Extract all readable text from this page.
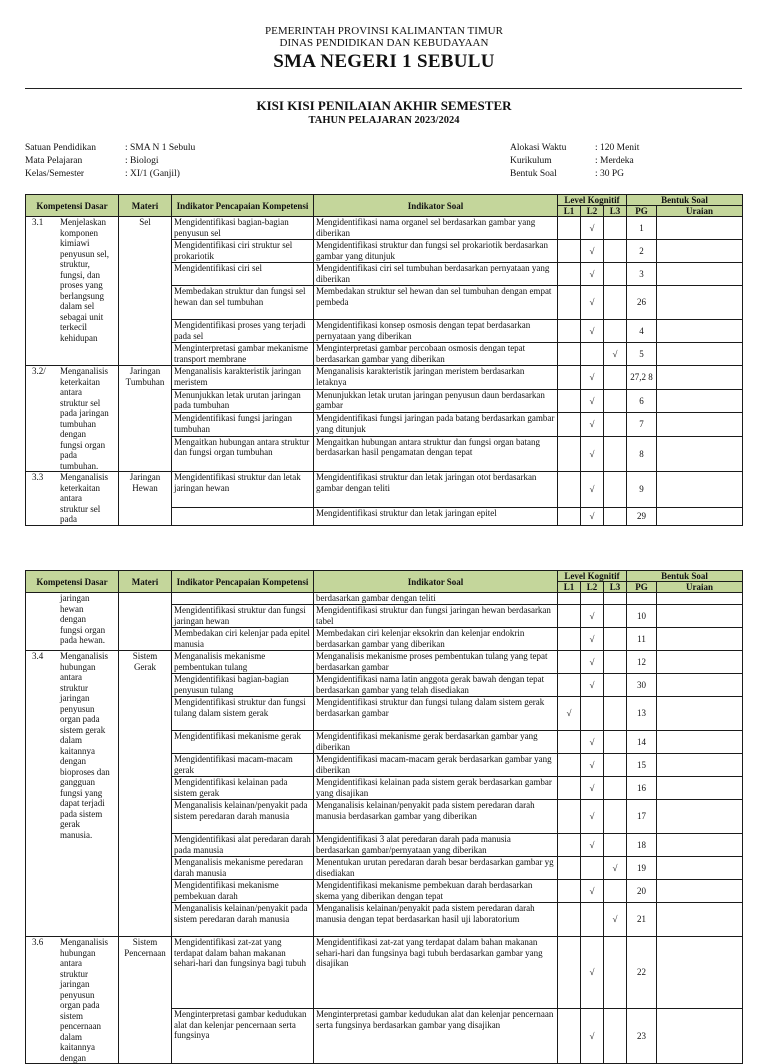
PEMERINTAH PROVINSI KALIMANTAN TIMUR
DINAS PENDIDIKAN DAN KEBUDAYAAN
SMA NEGERI 1 SEBULU
KISI KISI PENILAIAN AKHIR SEMESTER
TAHUN PELAJARAN 2023/2024
Satuan Pendidikan	: SMA N 1 Sebulu
Mata Pelajaran	: Biologi
Kelas/Semester	: XI/1 (Ganjil)
Alokasi Waktu	: 120 Menit
Kurikulum	: Merdeka
Bentuk Soal	: 30 PG
Kompetensi Dasar	Materi	Indikator Pencapaian Kompetensi	Indikator Soal	Level Kognitif			Bentuk Soal	
				L1	L2	L3	PG	Uraian

3.1 Menjelaskan komponen kimiawi penyusun sel, struktur, fungsi, dan proses yang berlangsung dalam sel sebagai unit terkecil kehidupan	Sel	Mengidentifikasi bagian-bagian penyusun sel	Mengidentifikasi nama organel sel berdasarkan gambar yang diberikan		√		1	
		Mengidentifikasi ciri struktur sel prokariotik	Mengidentifikasi struktur dan fungsi sel prokariotik berdasarkan gambar yang ditunjuk		√		2	
		Mengidentifikasi ciri sel	Mengidentifikasi ciri sel tumbuhan berdasarkan pernyataan yang diberikan		√		3	
		Membedakan struktur dan fungsi sel hewan dan sel tumbuhan	Membedakan struktur sel hewan dan sel tumbuhan dengan empat pembeda		√		26	
		Mengidentifikasi proses yang terjadi pada sel	Mengidentifikasi konsep osmosis dengan tepat berdasarkan pernyataan yang diberikan		√		4	
		Menginterpretasi gambar mekanisme transport membrane	Menginterpretasi gambar percobaan osmosis dengan tepat berdasarkan gambar yang diberikan			√	5	

3.2/ Menganalisis keterkaitan antara struktur sel pada jaringan tumbuhan dengan fungsi organ pada tumbuhan.	Jaringan Tumbuhan	Menganalisis karakteristik jaringan meristem	Menganalisis karakteristik jaringan meristem berdasarkan letaknya		√		27,2 8	
		Menunjukkan letak urutan jaringan pada tumbuhan	Menunjukkan letak urutan jaringan penyusun daun berdasarkan gambar		√		6	
		Mengidentifikasi fungsi jaringan tumbuhan	Mengidentifikasi fungsi jaringan pada batang berdasarkan gambar yang ditunjuk		√		7	
		Mengaitkan hubungan antara struktur dan fungsi organ tumbuhan	Mengaitkan hubungan antara struktur dan fungsi organ batang berdasarkan hasil pengamatan dengan tepat		√		8	

3.3 Menganalisis keterkaitan antara struktur sel pada	Jaringan Hewan	Mengidentifikasi struktur dan letak jaringan hewan	Mengidentifikasi struktur dan letak jaringan otot berdasarkan gambar dengan teliti		√		9	
			Mengidentifikasi struktur dan letak jaringan epitel		√		29	
Kompetensi Dasar	Materi	Indikator Pencapaian Kompetensi	Indikator Soal	Level Kognitif			Bentuk Soal	
				L1	L2	L3	PG	Uraian

jaringan hewan dengan fungsi organ pada hewan.			berdasarkan gambar dengan teliti					
		Mengidentifikasi struktur dan fungsi jaringan hewan	Mengidentifikasi struktur dan fungsi jaringan hewan berdasarkan tabel		√		10	
		Membedakan ciri kelenjar pada epitel manusia	Membedakan ciri kelenjar eksokrin dan kelenjar endokrin berdasarkan gambar yang diberikan		√		11	

3.4 Menganalisis hubungan antara struktur jaringan penyusun organ pada sistem gerak dalam kaitannya dengan bioproses dan gangguan fungsi yang dapat terjadi pada sistem gerak manusia.	Sistem Gerak	Menganalisis mekanisme pembentukan tulang	Menganalisis mekanisme proses pembentukan tulang yang tepat berdasarkan gambar		√		12	
		Mengidentifikasi bagian-bagian penyusun tulang	Mengidentifikasi nama latin anggota gerak bawah dengan tepat berdasarkan gambar yang telah disediakan		√		30	
		Mengidentifikasi struktur dan fungsi tulang dalam sistem gerak	Mengidentifikasi struktur dan fungsi tulang dalam sistem gerak berdasarkan gambar	√			13	
		Mengidentifikasi mekanisme gerak	Mengidentifikasi mekanisme gerak berdasarkan gambar yang diberikan		√		14	
		Mengidentifikasi macam-macam gerak	Mengidentifikasi macam-macam gerak berdasarkan gambar yang diberikan		√		15	
		Mengidentifikasi kelainan pada sistem gerak	Mengidentifikasi kelainan pada sistem gerak berdasarkan gambar yang disajikan		√		16	
		Menganalisis kelainan/penyakit pada sistem peredaran darah manusia	Menganalisis kelainan/penyakit pada sistem peredaran darah manusia berdasarkan gambar yang diberikan		√		17	
		Mengidentifikasi alat peredaran darah pada manusia	Mengidentifikasi 3 alat peredaran darah pada manusia berdasarkan gambar/pernyataan yang diberikan		√		18	
		Menganalisis mekanisme peredaran darah manusia	Menentukan urutan peredaran darah besar berdasarkan gambar yg disediakan			√	19	
		Mengidentifikasi mekanisme pembekuan darah	Mengidentifikasi mekanisme pembekuan darah berdasarkan skema yang diberikan dengan tepat		√		20	
		Menganalisis kelainan/penyakit pada sistem peredaran darah manusia	Menganalisis kelainan/penyakit pada sistem peredaran darah manusia dengan tepat berdasarkan hasil uji laboratorium			√	21	

3.6 Menganalisis hubungan antara struktur jaringan penyusun organ pada sistem pencernaan dalam kaitannya dengan	Sistem Pencernaan	Mengidentifikasi zat-zat yang terdapat dalam bahan makanan sehari-hari dan fungsinya bagi tubuh	Mengidentifikasi zat-zat yang terdapat dalam bahan makanan sehari-hari dan fungsinya bagi tubuh berdasarkan gambar yang disajikan		√		22	
		Menginterpretasi gambar kedudukan alat dan kelenjar pencernaan serta fungsinya	Menginterpretasi gambar kedudukan alat dan kelenjar pencernaan serta fungsinya berdasarkan gambar yang disajikan		√		23	
